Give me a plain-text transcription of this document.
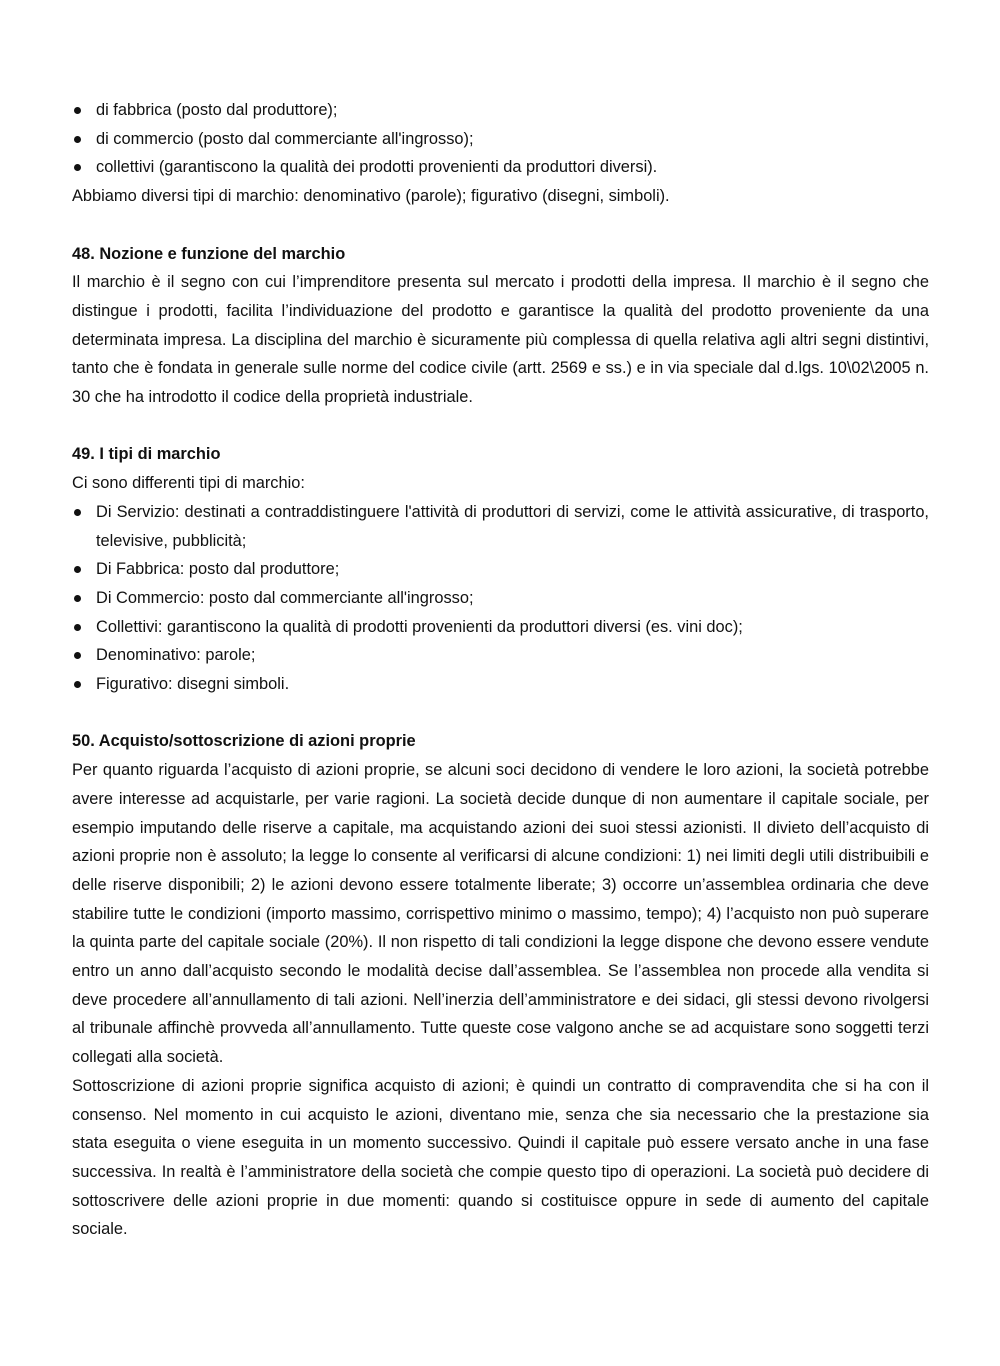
di fabbrica (posto dal produttore);
di commercio (posto dal commerciante all'ingrosso);
collettivi (garantiscono la qualità dei prodotti provenienti da produttori diversi).

Abbiamo diversi tipi di marchio: denominativo (parole); figurativo (disegni, simboli).

48. Nozione e funzione del marchio

Il marchio è il segno con cui l’imprenditore presenta sul mercato i prodotti della impresa. Il marchio è il segno che distingue i prodotti, facilita l’individuazione del prodotto e garantisce la qualità del prodotto proveniente da una determinata impresa. La disciplina del marchio è sicuramente più complessa di quella relativa agli altri segni distintivi, tanto che è fondata in generale sulle norme del codice civile (artt. 2569 e ss.) e in via speciale dal d.lgs. 10\02\2005 n. 30 che ha introdotto il codice della proprietà industriale.

49. I tipi di marchio

Ci sono differenti tipi di marchio:

Di Servizio: destinati a contraddistinguere l'attività di produttori di servizi, come le attività assicurative, di trasporto, televisive, pubblicità;
Di Fabbrica: posto dal produttore;
Di Commercio: posto dal commerciante all'ingrosso;
Collettivi: garantiscono la qualità di prodotti provenienti da produttori diversi (es. vini doc);
Denominativo: parole;
Figurativo: disegni simboli.
50. Acquisto/sottoscrizione di azioni proprie

Per quanto riguarda l’acquisto di azioni proprie, se alcuni soci decidono di vendere le loro azioni, la società potrebbe avere interesse ad acquistarle, per varie ragioni. La società decide dunque di non aumentare il capitale sociale, per esempio imputando delle riserve a capitale, ma acquistando azioni dei suoi stessi azionisti. Il divieto dell’acquisto di azioni proprie non è assoluto; la legge lo consente al verificarsi di alcune condizioni: 1) nei limiti degli utili distribuibili e delle riserve disponibili; 2) le azioni devono essere totalmente liberate; 3) occorre un’assemblea ordinaria che deve stabilire tutte le condizioni (importo massimo, corrispettivo minimo o massimo, tempo); 4) l’acquisto non può superare la quinta parte del capitale sociale (20%). Il non rispetto di tali condizioni la legge dispone che devono essere vendute entro un anno dall’acquisto secondo le modalità decise dall’assemblea. Se l’assemblea non procede alla vendita si deve procedere all’annullamento di tali azioni. Nell’inerzia dell’amministratore e dei sidaci, gli stessi devono rivolgersi al tribunale affinchè provveda all’annullamento. Tutte queste cose valgono anche se ad acquistare sono soggetti terzi collegati alla società.

Sottoscrizione di azioni proprie significa acquisto di azioni; è quindi un contratto di compravendita che si ha con il consenso. Nel momento in cui acquisto le azioni, diventano mie, senza che sia necessario che la prestazione sia stata eseguita o viene eseguita in un momento successivo. Quindi il capitale può essere versato anche in una fase successiva. In realtà è l’amministratore della società che compie questo tipo di operazioni. La società può decidere di sottoscrivere delle azioni proprie in due momenti: quando si costituisce oppure in sede di aumento del capitale sociale.
